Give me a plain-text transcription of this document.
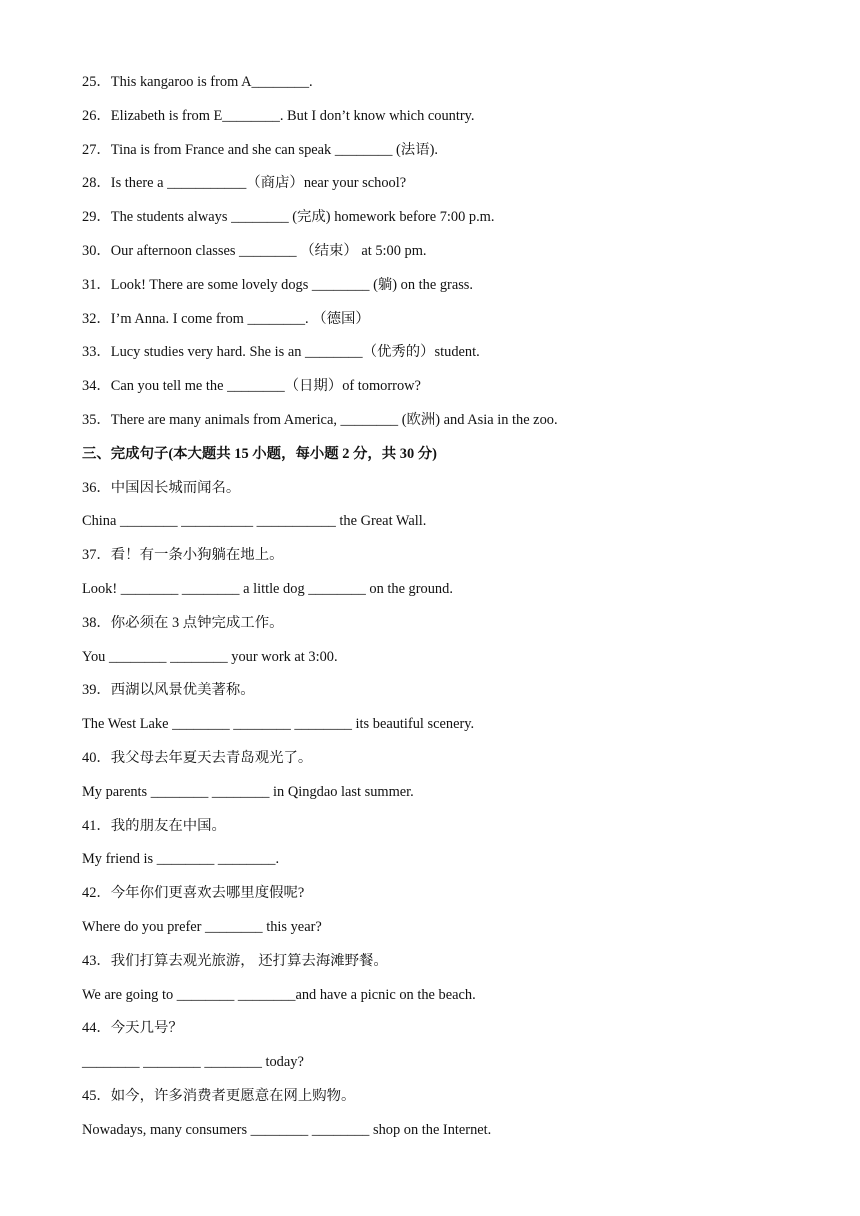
25．This kangaroo is from A________.
26．Elizabeth is from E________. But I don’t know which country.
27．Tina is from France and she can speak ________ (法语).
28．Is there a ___________（商店）near your school?
29．The students always ________ (完成) homework before 7:00 p.m.
30．Our afternoon classes ________ （结束） at 5:00 pm.
31．Look! There are some lovely dogs ________ (躺) on the grass.
32．I’m Anna. I come from ________. （德国）
33．Lucy studies very hard. She is an ________（优秀的）student.
34．Can you tell me the ________（日期）of tomorrow?
35．There are many animals from America, ________ (欧洲) and Asia in the zoo.
三、完成句子(本大题共 15 小题，每小题 2 分，共 30 分)
36．中国因长城而闻名。
China ________ __________ ___________ the Great Wall.
37．看！有一条小狗躺在地上。
Look! ________ ________ a little dog ________ on the ground.
38．你必须在 3 点钟完成工作。
You ________ ________ your work at 3:00.
39．西湖以风景优美著称。
The West Lake ________ ________ ________ its beautiful scenery.
40．我父母去年夏天去青岛观光了。
My parents ________ ________ in Qingdao last summer.
41．我的朋友在中国。
My friend is ________ ________.
42．今年你们更喜欢去哪里度假呢?
Where do you prefer ________ this year?
43．我们打算去观光旅游， 还打算去海滩野餐。
We are going to ________ ________and have a picnic on the beach.
44．今天几号？
________ ________ ________ today?
45．如今，许多消费者更愿意在网上购物。
Nowadays, many consumers ________ ________ shop on the Internet.
